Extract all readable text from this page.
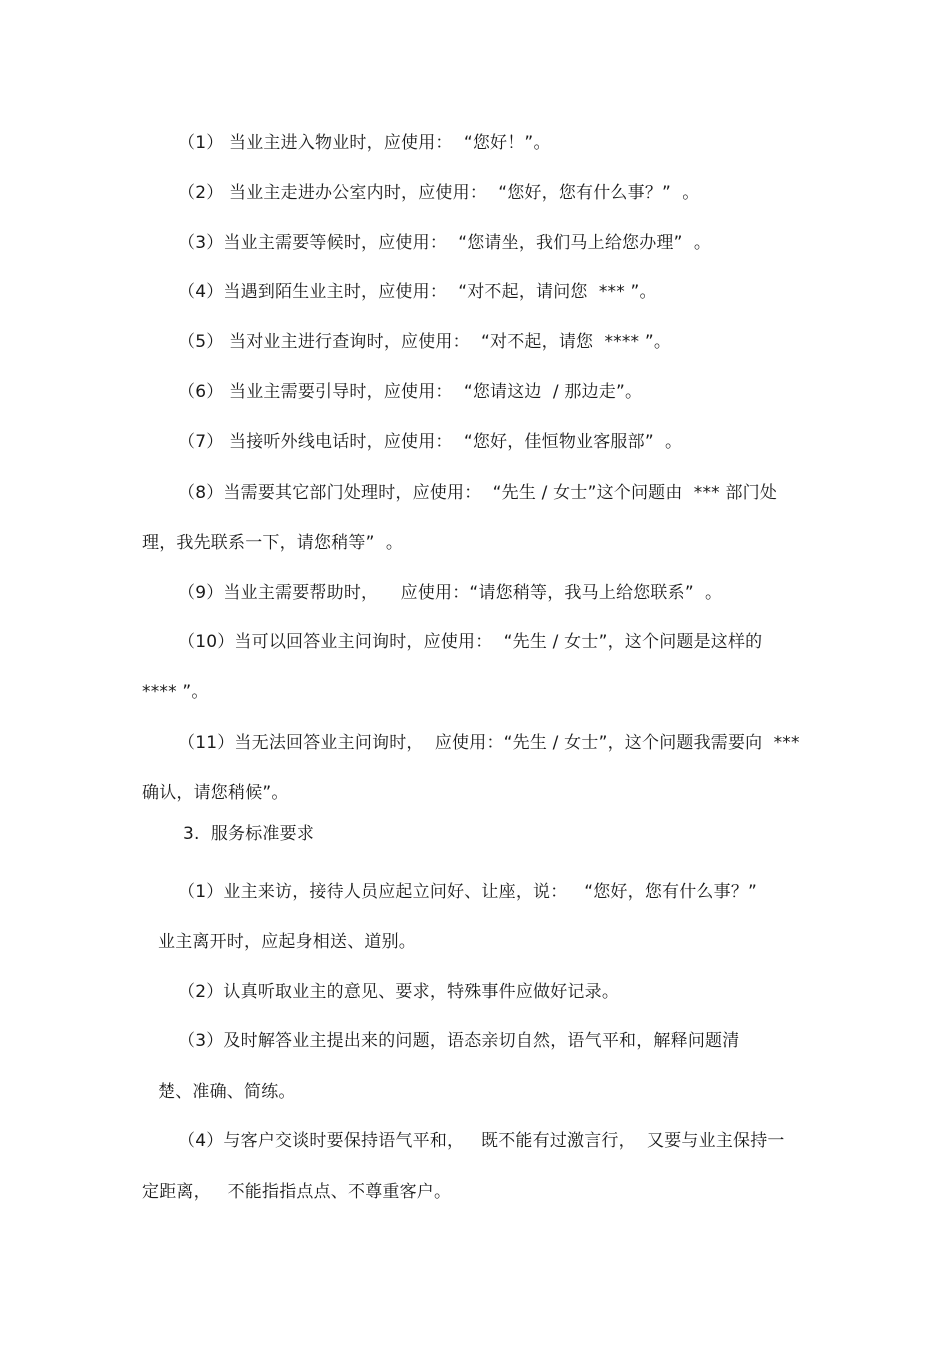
（1） 当业主进入物业时，应使用：  “您好！”。
（2） 当业主走进办公室内时，应使用：  “您好，您有什么事？”  。
（3）当业主需要等候时，应使用：  “您请坐，我们马上给您办理”  。
（4）当遇到陌生业主时，应使用：  “对不起，请问您  *** ”。
（5） 当对业主进行查询时，应使用：  “对不起，请您  **** ”。
（6） 当业主需要引导时，应使用：  “您请这边  / 那边走”。
（7） 当接听外线电话时，应使用：  “您好，佳恒物业客服部”  。
（8）当需要其它部门处理时，应使用：  “先生 / 女士”这个问题由  *** 部门处
理，我先联系一下，请您稍等”  。
（9）当业主需要帮助时，    应使用：“请您稍等，我马上给您联系”  。
（10）当可以回答业主问询时，应使用：  “先生 / 女士”，这个问题是这样的
**** ”。
（11）当无法回答业主问询时，  应使用：“先生 / 女士”，这个问题我需要向  ***
确认，请您稍候”。
3.  服务标准要求
（1）业主来访，接待人员应起立问好、让座，说：   “您好，您有什么事？”
业主离开时，应起身相送、道别。
（2）认真听取业主的意见、要求，特殊事件应做好记录。
（3）及时解答业主提出来的问题，语态亲切自然，语气平和，解释问题清
楚、准确、简练。
（4）与客户交谈时要保持语气平和，   既不能有过激言行，  又要与业主保持一
定距离，   不能指指点点、不尊重客户。
